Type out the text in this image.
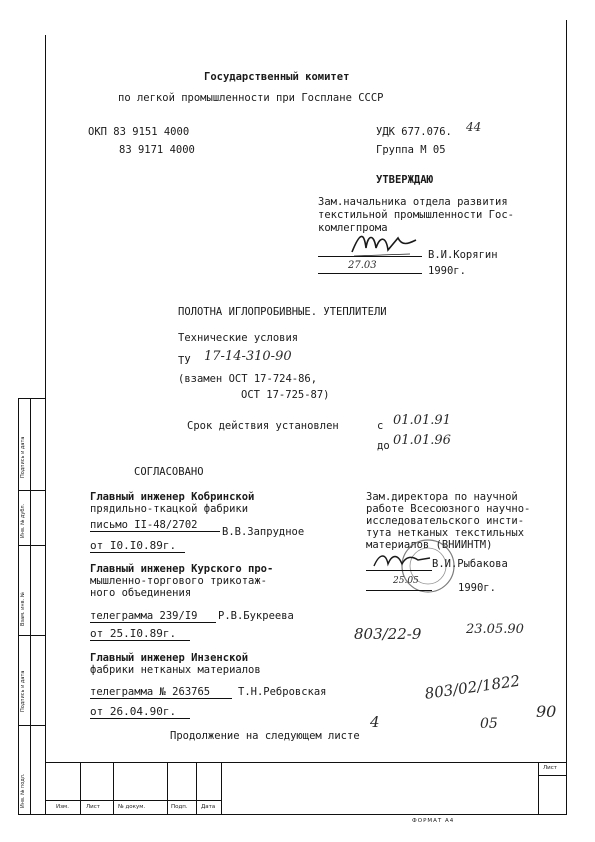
Подпись и дата
Инв. № дубл.
Взам. инв. №
Подпись и дата
Инв. № подл.
Лист
Изм.	Лист	№ докум.	Подп. Дата
ФОРМАТ А4
Государственный комитет
по легкой промышленности при Госплане СССР
ОКП 83 9151 4000
83 9171 4000
УДК 677.076. 44
Группа М 05
УТВЕРЖДАЮ
Зам.начальника отдела развития
текстильной промышленности Гос-
комлегпрома
В.И.Корягин
27.03	1990г.
ПОЛОТНА ИГЛОПРОБИВНЫЕ. УТЕПЛИТЕЛИ
Технические условия
ТУ 17-14-310-90
(взамен ОСТ 17-724-86,
ОСТ 17-725-87)
Срок действия установлен	с 01.01.91
до 01.01.96
СОГЛАСОВАНО
Главный инженер Кобринской
прядильно-ткацкой фабрики
письмо II-48/2702
В.В.Запрудное
от I0.I0.89г.
Главный инженер Курского про-
мышленно-торгового трикотаж-
ного объединения
телеграмма 239/I9 Р.В.Букреева
от 25.I0.89г.
Главный инженер Инзенской
фабрики нетканых материалов
телеграмма № 263765	Т.Н.Ребровская
от 26.04.90г.
Зам.директора по научной
работе Всесоюзного научно-
исследовательского инсти-
тута нетканых текстильных
материалов (ВНИИНТМ)
В.И.Рыбакова
25.05
1990г.
803/22-9	23.05.90
803/02/1822
05
90
4
Продолжение на следующем листе
